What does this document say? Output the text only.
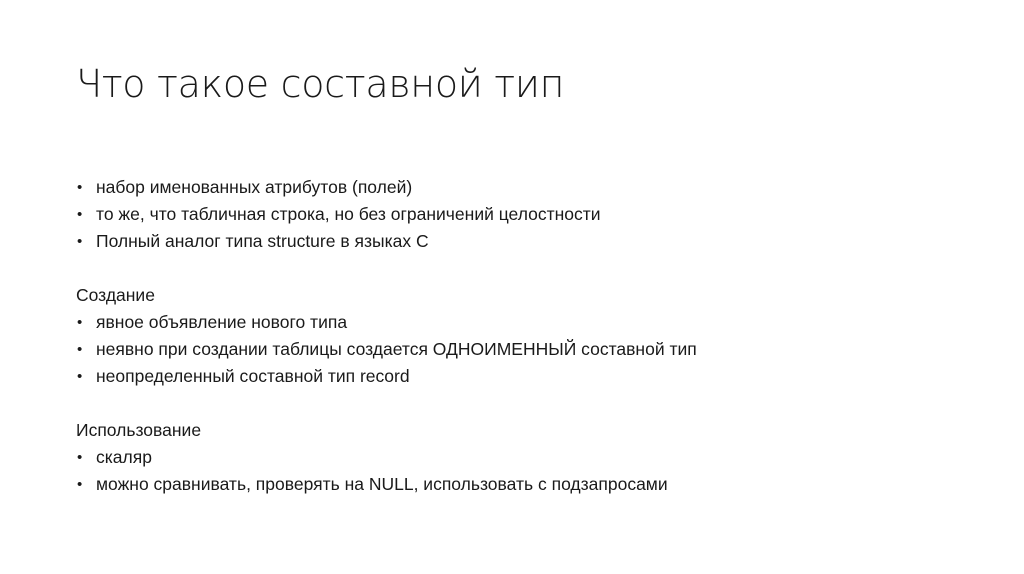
Что такое составной тип
• набор именованных атрибутов (полей)
• то же, что табличная строка, но без ограничений целостности
• Полный аналог типа structure в языках C
Создание
• явное объявление нового типа
• неявно при создании таблицы создается ОДНОИМЕННЫЙ составной тип
• неопределенный составной тип record
Использование
• скаляр
• можно сравнивать, проверять на NULL, использовать с подзапросами
